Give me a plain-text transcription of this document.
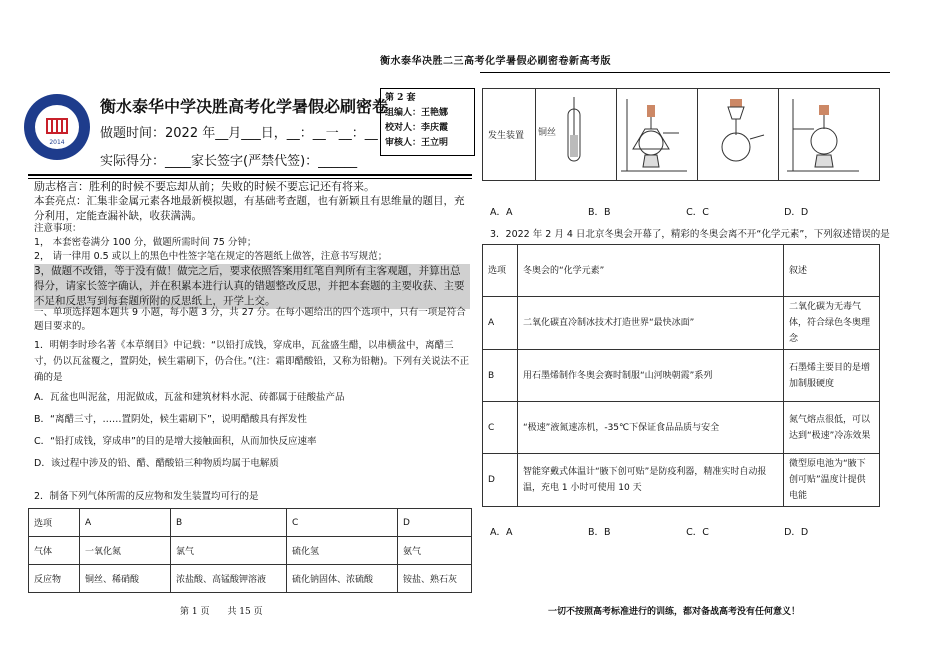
衡水泰华决胜二三高考化学暑假必刷密卷新高考版
2014
衡水泰华中学决胜高考化学暑假必刷密卷
做题时间：2022 年__月___日，__：__一__：__
实际得分：____家长签字(严禁代签)：______
第 2 套
组编人：王艳娜
校对人：李庆霞
审核人：王立明
励志格言：胜利的时候不要忘却从前；失败的时候不要忘记还有将来。
本套亮点：汇集非金属元素各地最新模拟题，有基础考查题，也有新颖且有思维量的题目，充分利用，定能查漏补缺，收获满满。
注意事项：
1， 本套密卷满分 100 分，做题所需时间 75 分钟；
2， 请一律用 0.5 或以上的黑色中性签字笔在规定的答题纸上做答，注意书写规范；
3，做题不改错，等于没有做！做完之后，要求依照答案用红笔自判所有主客观题，并算出总得分，请家长签字确认，并在积累本进行认真的错题整改反思，并把本套题的主要收获、主要不足和反思写到每套题所附的反思纸上，开学上交。
一、单项选择题本题共 9 小题，每小题 3 分，共 27 分。在每小题给出的四个选项中，只有一项是符合题目要求的。
1．明朝李时珍名著《本草纲目》中记载：“以铅打成钱，穿成串，瓦盆盛生醋，以串横盆中，离醋三寸，仍以瓦盆覆之，置阴处，候生霜刷下，仍合住。”(注：霜即醋酸铅，又称为铅糖)。下列有关说法不正确的是
A．瓦盆也叫泥盆，用泥做成，瓦盆和建筑材料水泥、砖都属于硅酸盐产品
B．“离醋三寸，……置阴处，候生霜刷下”，说明醋酸具有挥发性
C．“铅打成钱，穿成串”的目的是增大接触面积，从而加快反应速率
D．该过程中涉及的铅、醋、醋酸铅三种物质均属于电解质
2．制备下列气体所需的反应物和发生装置均可行的是
选项	A	B	C	D
气体	一氧化氮	氯气	硫化氢	氨气
反应物	铜丝、稀硝酸	浓盐酸、高锰酸钾溶液	硫化钠固体、浓硫酸	铵盐、熟石灰
第 1 页　　共 15 页
发生装置	铜丝

A．A	B．B	C．C	D．D
3．2022 年 2 月 4 日北京冬奥会开幕了，精彩的冬奥会离不开“化学元素”，下列叙述错误的是
选项	冬奥会的“化学元素”	叙述
A	二氧化碳直冷制冰技术打造世界“最快冰面”	二氧化碳为无毒气体，符合绿色冬奥理念
B	用石墨烯制作冬奥会赛时制服“山河映朝霞”系列	石墨烯主要目的是增加制服硬度
C	“极速”液氮速冻机，-35℃下保证食品品质与安全	氮气熔点很低，可以达到“极速”冷冻效果
D	智能穿戴式体温计“腋下创可贴”是防疫利器，精准实时自动报温，充电 1 小时可使用 10 天	微型原电池为“腋下创可贴”温度计提供电能
A．A	B．B	C．C	D．D
一切不按照高考标准进行的训练，都对备战高考没有任何意义！
